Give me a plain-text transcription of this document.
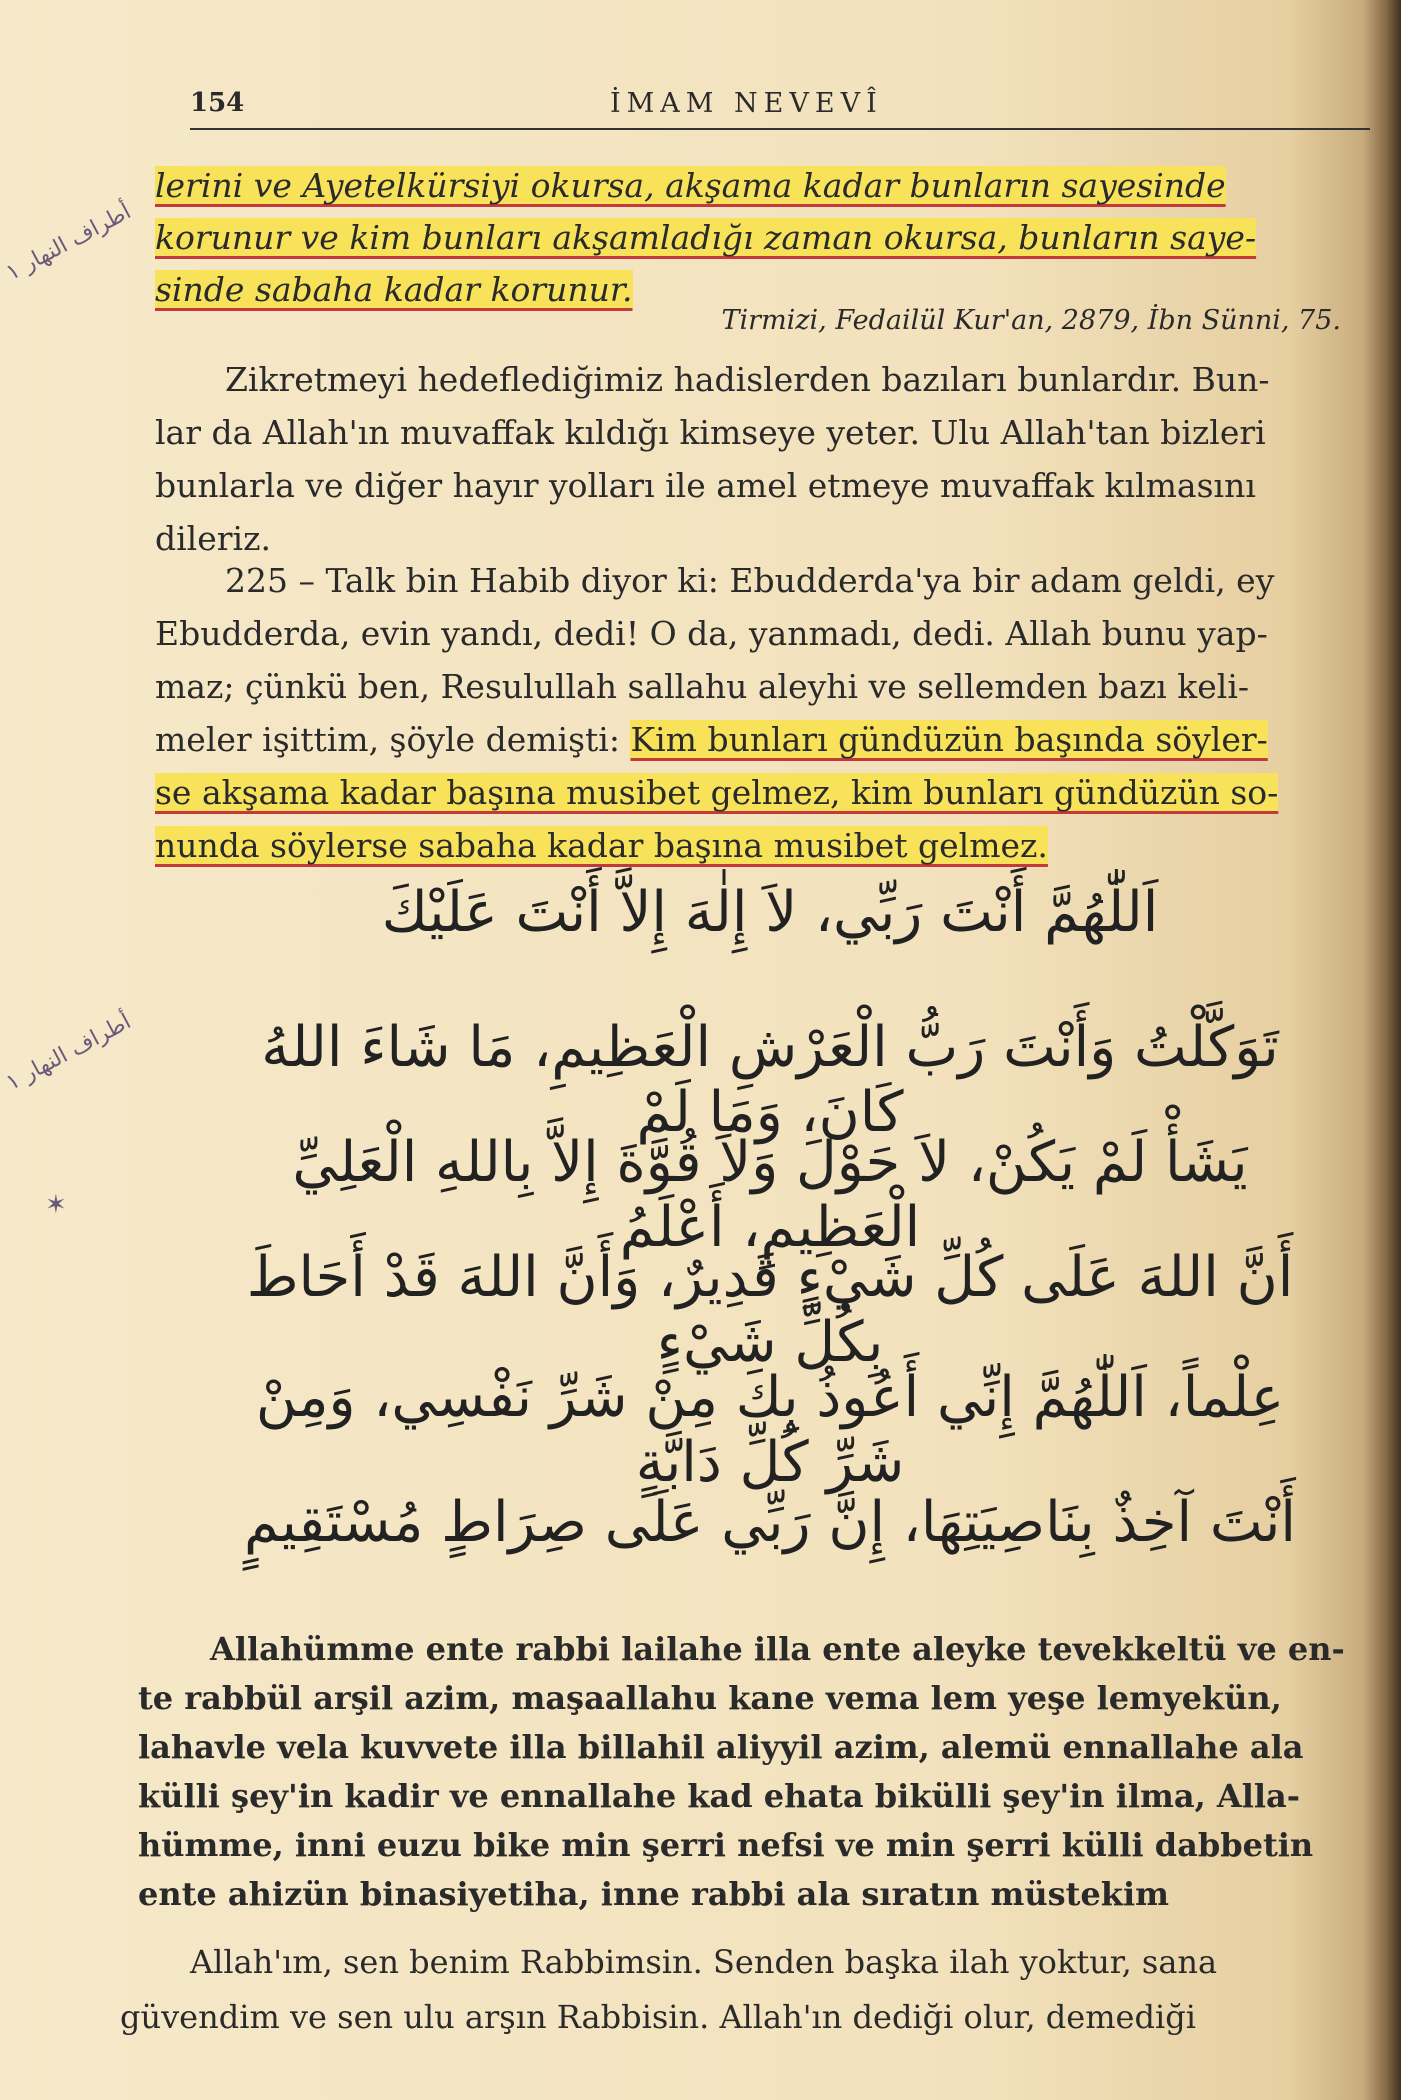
154	İMAM NEVEVÎ
lerini ve Ayetelkürsiyi okursa, akşama kadar bunların sayesinde
korunur ve kim bunları akşamladığı zaman okursa, bunların saye-
sinde sabaha kadar korunur.
Tirmizi, Fedailül Kur'an, 2879, İbn Sünni, 75.
Zikretmeyi hedeflediğimiz hadislerden bazıları bunlardır. Bun-
lar da Allah'ın muvaffak kıldığı kimseye yeter. Ulu Allah'tan bizleri
bunlarla ve diğer hayır yolları ile amel etmeye muvaffak kılmasını
dileriz.
225 – Talk bin Habib diyor ki: Ebudderda'ya bir adam geldi, ey
Ebudderda, evin yandı, dedi! O da, yanmadı, dedi. Allah bunu yap-
maz; çünkü ben, Resulullah sallahu aleyhi ve sellemden bazı keli-
meler işittim, şöyle demişti: Kim bunları gündüzün başında söyler-
se akşama kadar başına musibet gelmez, kim bunları gündüzün so-
nunda söylerse sabaha kadar başına musibet gelmez.
اَللّٰهُمَّ أَنْتَ رَبِّي، لاَ إِلٰهَ إِلاَّ أَنْتَ عَلَيْكَ
تَوَكَّلْتُ وَأَنْتَ رَبُّ الْعَرْشِ الْعَظِيمِ، مَا شَاءَ اللهُ كَانَ، وَمَا لَمْ
يَشَأْ لَمْ يَكُنْ، لاَ حَوْلَ وَلاَ قُوَّةَ إِلاَّ بِاللهِ الْعَلِيِّ الْعَظِيمِ، أَعْلَمُ
أَنَّ اللهَ عَلَى كُلِّ شَيْءٍ قَدِيرٌ، وَأَنَّ اللهَ قَدْ أَحَاطَ بِكُلِّ شَيْءٍ
عِلْماً، اَللّٰهُمَّ إِنِّي أَعُوذُ بِكَ مِنْ شَرِّ نَفْسِي، وَمِنْ شَرِّ كُلِّ دَابَّةٍ
أَنْتَ آخِذٌ بِنَاصِيَتِهَا، إِنَّ رَبِّي عَلَى صِرَاطٍ مُسْتَقِيمٍ
Allahümme ente rabbi lailahe illa ente aleyke tevekkeltü ve en-
te rabbül arşil azim, maşaallahu kane vema lem yeşe lemyekün,
lahavle vela kuvvete illa billahil aliyyil azim, alemü ennallahe ala
külli şey'in kadir ve ennallahe kad ehata bikülli şey'in ilma, Alla-
hümme, inni euzu bike min şerri nefsi ve min şerri külli dabbetin
ente ahizün binasiyetiha, inne rabbi ala sıratın müstekim
Allah'ım, sen benim Rabbimsin. Senden başka ilah yoktur, sana
güvendim ve sen ulu arşın Rabbisin. Allah'ın dediği olur, demediği
أطراف النهار ١
أطراف النهار ١
✶
